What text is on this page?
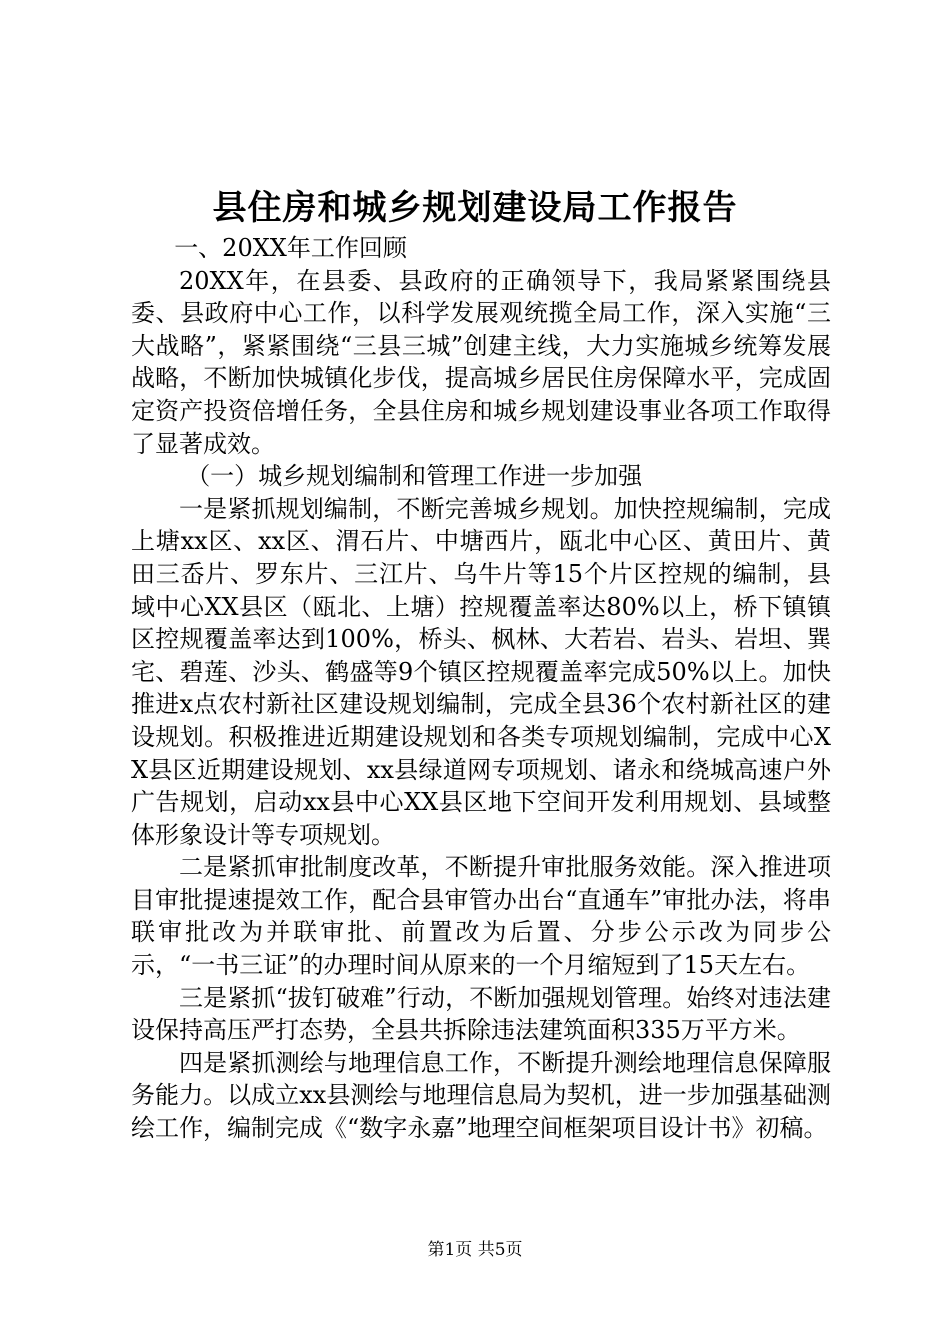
县住房和城乡规划建设局工作报告

一、20XX年工作回顾

20XX年，在县委、县政府的正确领导下，我局紧紧围绕县委、县政府中心工作，以科学发展观统揽全局工作，深入实施“三大战略”，紧紧围绕“三县三城”创建主线，大力实施城乡统筹发展战略，不断加快城镇化步伐，提高城乡居民住房保障水平，完成固定资产投资倍增任务，全县住房和城乡规划建设事业各项工作取得了显著成效。

（一）城乡规划编制和管理工作进一步加强

一是紧抓规划编制，不断完善城乡规划。加快控规编制，完成上塘xx区、xx区、渭石片、中塘西片，瓯北中心区、黄田片、黄田三岙片、罗东片、三江片、乌牛片等15个片区控规的编制，县域中心XX县区（瓯北、上塘）控规覆盖率达80%以上，桥下镇镇区控规覆盖率达到100%，桥头、枫林、大若岩、岩头、岩坦、巽宅、碧莲、沙头、鹤盛等9个镇区控规覆盖率完成50%以上。加快推进x点农村新社区建设规划编制，完成全县36个农村新社区的建设规划。积极推进近期建设规划和各类专项规划编制，完成中心XX县区近期建设规划、xx县绿道网专项规划、诸永和绕城高速户外广告规划，启动xx县中心XX县区地下空间开发利用规划、县域整体形象设计等专项规划。

二是紧抓审批制度改革，不断提升审批服务效能。深入推进项目审批提速提效工作，配合县审管办出台“直通车”审批办法，将串联审批改为并联审批、前置改为后置、分步公示改为同步公示，“一书三证”的办理时间从原来的一个月缩短到了15天左右。

三是紧抓“拔钉破难”行动，不断加强规划管理。始终对违法建设保持高压严打态势，全县共拆除违法建筑面积335万平方米。

四是紧抓测绘与地理信息工作，不断提升测绘地理信息保障服务能力。以成立xx县测绘与地理信息局为契机，进一步加强基础测绘工作，编制完成《“数字永嘉”地理空间框架项目设计书》初稿。

第1页 共5页
